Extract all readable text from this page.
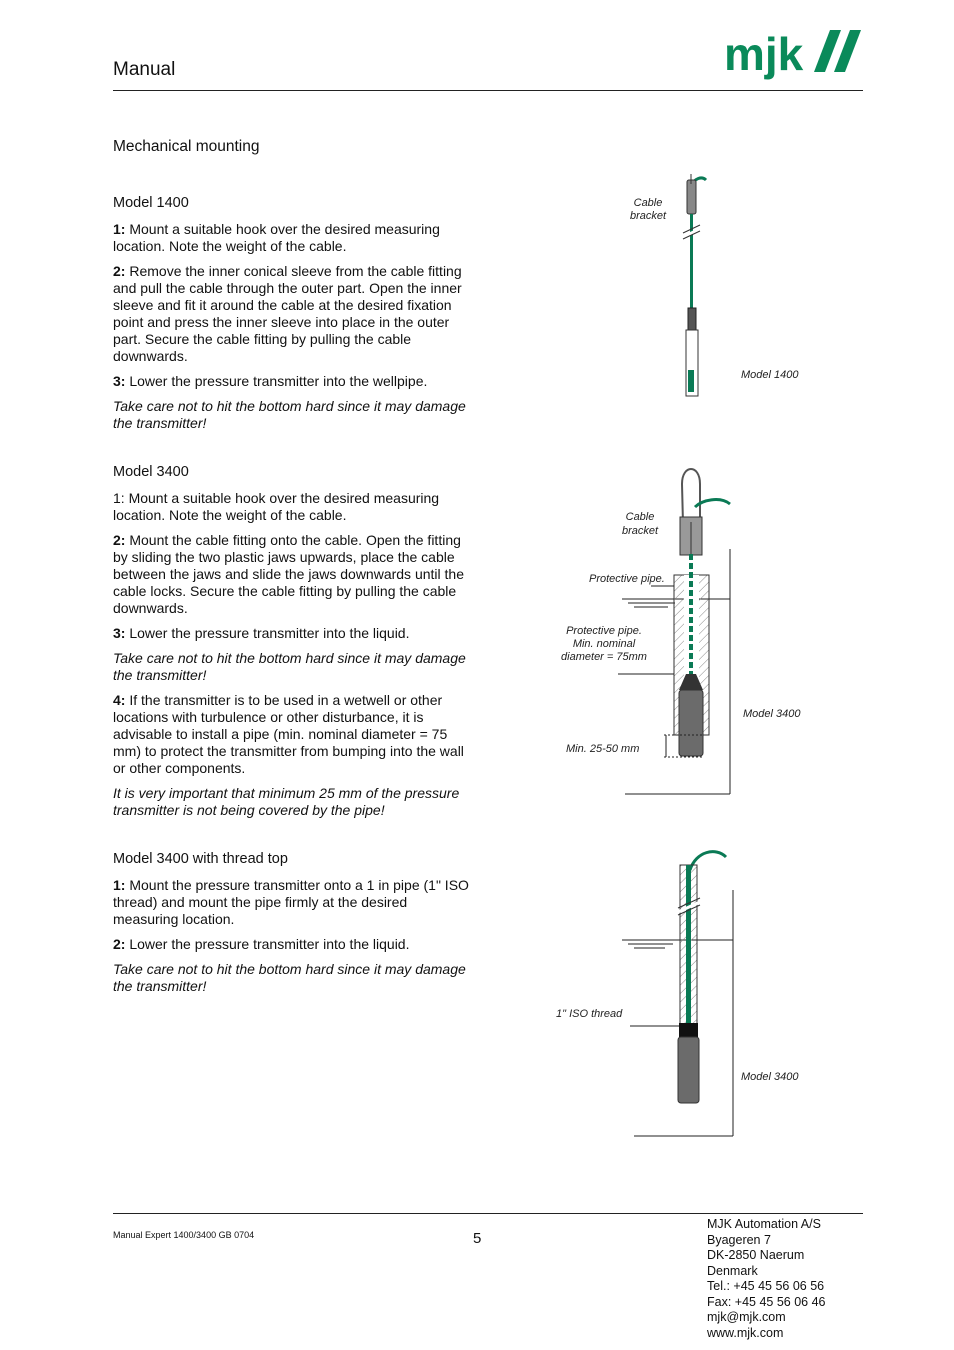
Manual	mjk
Mechanical mounting
Model 1400

1: Mount a suitable hook over the desired measuring location. Note the weight of the cable.

2: Remove the inner conical sleeve from the cable fitting and pull the cable through the outer part. Open the inner sleeve and fit it around the cable at the desired fixation point and press the inner sleeve into place in the outer part. Secure the cable fitting by pulling the cable downwards.

3: Lower the pressure transmitter into the wellpipe.

Take care not to hit the bottom hard since it may damage the transmitter!

Model 3400

1: Mount a suitable hook over the desired measuring location. Note the weight of the cable.

2: Mount the cable fitting onto the cable. Open the fitting by sliding the two plastic jaws upwards, place the cable between the jaws and slide the jaws downwards until the cable locks. Secure the cable fitting by pulling the cable downwards.

3: Lower the pressure transmitter into the liquid.

Take care not to hit the bottom hard since it may damage the transmitter!

4: If the transmitter is to be used in a wetwell or other locations with turbulence or other disturbance, it is advisable to install a pipe (min. nominal diameter = 75 mm) to protect the transmitter from bumping into the wall or other components.

It is very important that minimum 25 mm of the pressure transmitter is not being covered by the pipe!

Model 3400 with thread top

1: Mount the pressure transmitter onto a 1 in pipe (1" ISO thread) and mount the pipe firmly at the desired measuring location.

2: Lower the pressure transmitter into the liquid.

Take care not to hit the bottom hard since it may damage the transmitter!

Cable
bracket
Model 1400
Cable
bracket
Protective pipe.
Protective pipe.
Min. nominal
diameter = 75mm
Min. 25-50 mm
Model 3400
1" ISO thread
Model 3400
Manual Expert 1400/3400 GB 0704	5
MJK Automation A/S
Byageren 7
DK-2850 Naerum
Denmark
Tel.: +45 45 56 06 56
Fax: +45 45 56 06 46
mjk@mjk.com
www.mjk.com
